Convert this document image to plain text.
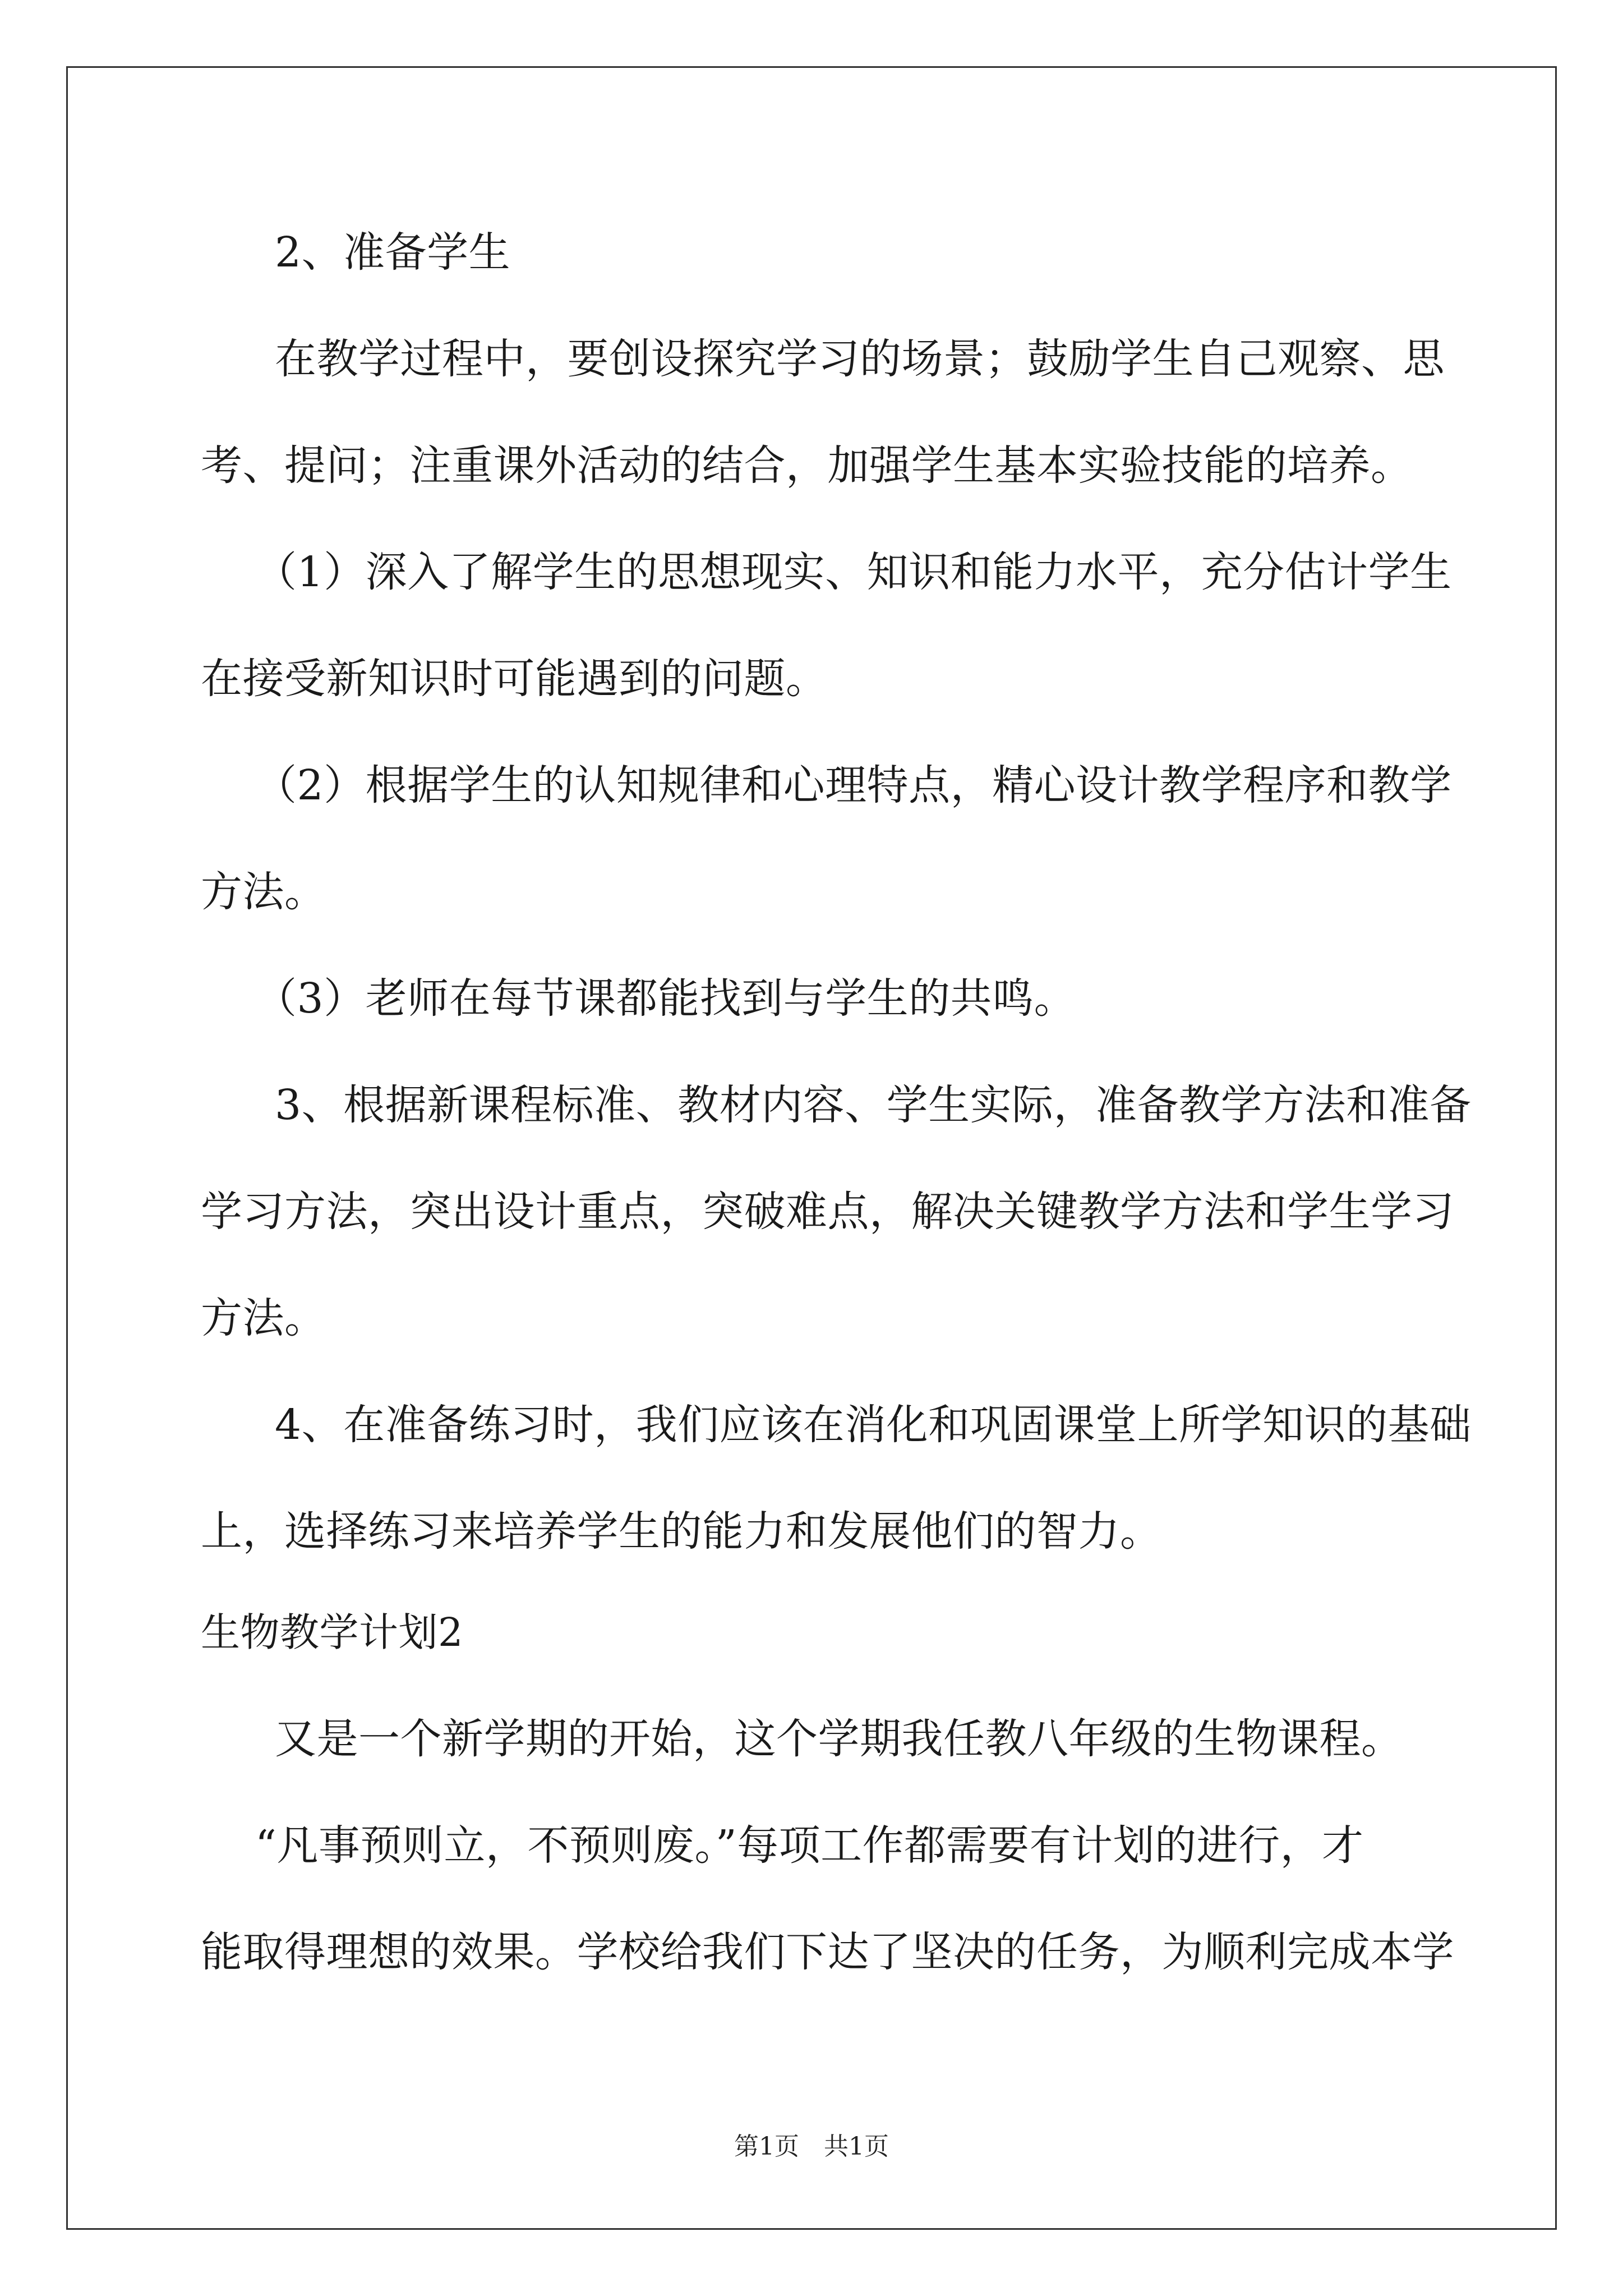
2、准备学生
在教学过程中，要创设探究学习的场景；鼓励学生自己观察、思
考、提问；注重课外活动的结合，加强学生基本实验技能的培养。
（1）深入了解学生的思想现实、知识和能力水平，充分估计学生
在接受新知识时可能遇到的问题。
（2）根据学生的认知规律和心理特点，精心设计教学程序和教学
方法。
（3）老师在每节课都能找到与学生的共鸣。
3、根据新课程标准、教材内容、学生实际，准备教学方法和准备
学习方法，突出设计重点，突破难点，解决关键教学方法和学生学习
方法。
4、在准备练习时，我们应该在消化和巩固课堂上所学知识的基础
上，选择练习来培养学生的能力和发展他们的智力。
生物教学计划2
又是一个新学期的开始，这个学期我任教八年级的生物课程。
“凡事预则立，不预则废。”每项工作都需要有计划的进行，才
能取得理想的效果。学校给我们下达了坚决的任务，为顺利完成本学
第1页　共1页
